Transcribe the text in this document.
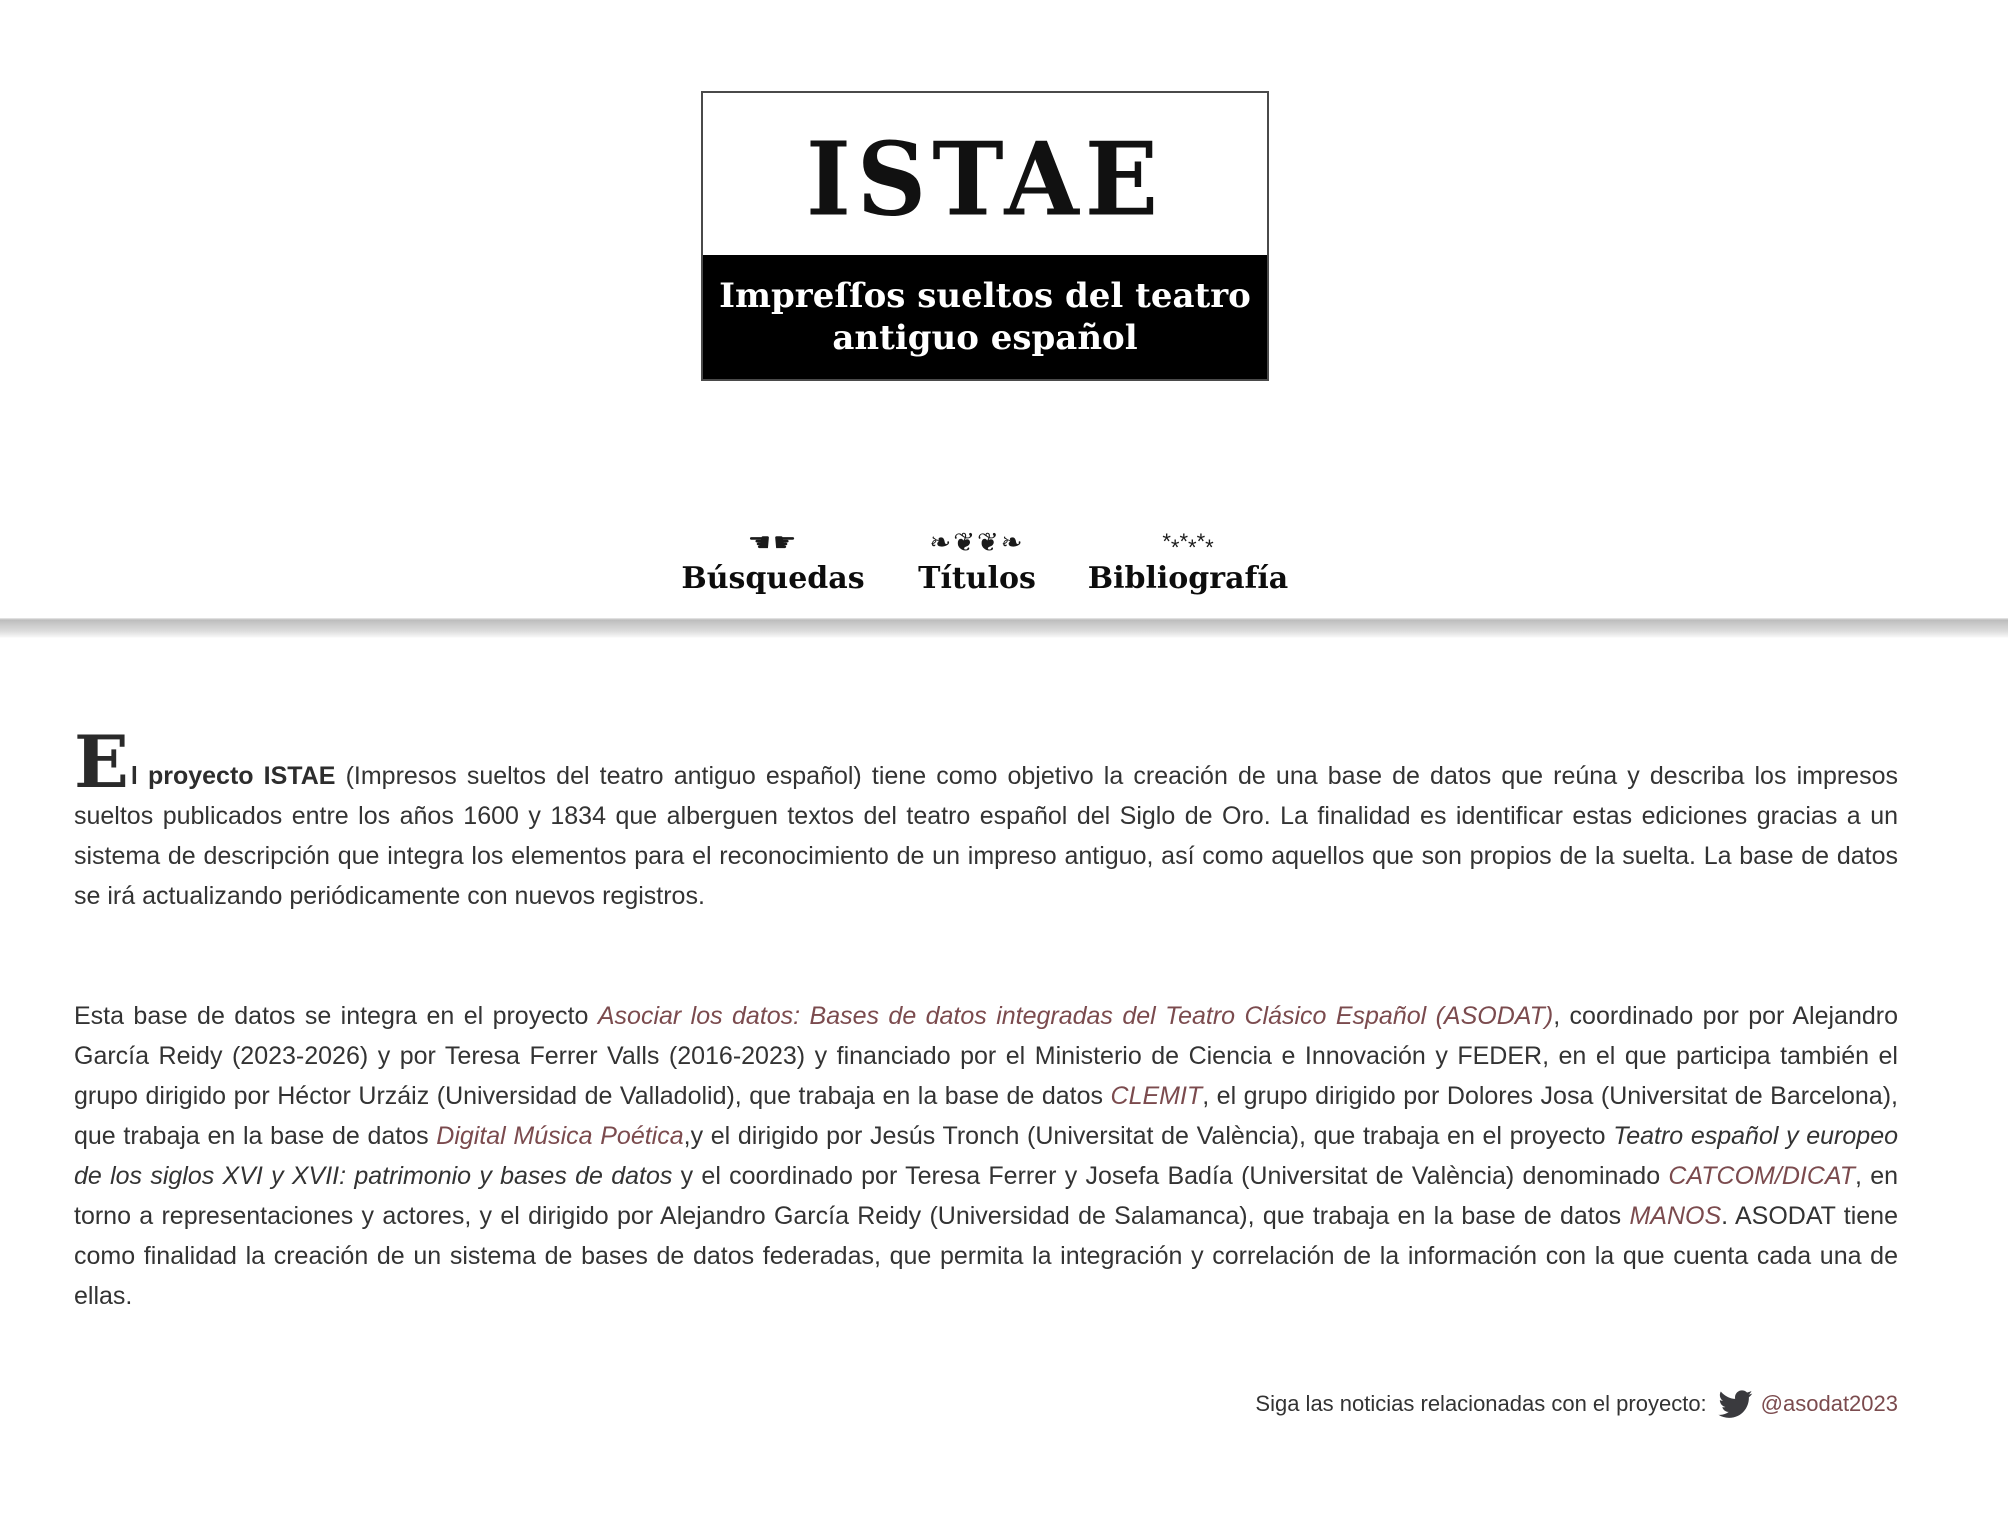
ISTAE
Impreſſos sueltos del teatro
antiguo español
☚☛
Búsquedas
❧❦❦❧
Títulos
******
Bibliografía

El proyecto ISTAE (Impresos sueltos del teatro antiguo español) tiene como objetivo la creación de una base de datos que reúna y describa los impresos sueltos publicados entre los años 1600 y 1834 que alberguen textos del teatro español del Siglo de Oro. La finalidad es identificar estas ediciones gracias a un sistema de descripción que integra los elementos para el reconocimiento de un impreso antiguo, así como aquellos que son propios de la suelta. La base de datos se irá actualizando periódicamente con nuevos registros.

Esta base de datos se integra en el proyecto Asociar los datos: Bases de datos integradas del Teatro Clásico Español (ASODAT), coordinado por por Alejandro García Reidy (2023-2026) y por Teresa Ferrer Valls (2016-2023) y financiado por el Ministerio de Ciencia e Innovación y FEDER, en el que participa también el grupo dirigido por Héctor Urzáiz (Universidad de Valladolid), que trabaja en la base de datos CLEMIT, el grupo dirigido por Dolores Josa (Universitat de Barcelona), que trabaja en la base de datos Digital Música Poética,y el dirigido por Jesús Tronch (Universitat de València), que trabaja en el proyecto Teatro español y europeo de los siglos XVI y XVII: patrimonio y bases de datos y el coordinado por Teresa Ferrer y Josefa Badía (Universitat de València) denominado CATCOM/DICAT, en torno a representaciones y actores, y el dirigido por Alejandro García Reidy (Universidad de Salamanca), que trabaja en la base de datos MANOS. ASODAT tiene como finalidad la creación de un sistema de bases de datos federadas, que permita la integración y correlación de la información con la que cuenta cada una de ellas.

Siga las noticias relacionadas con el proyecto: @asodat2023
